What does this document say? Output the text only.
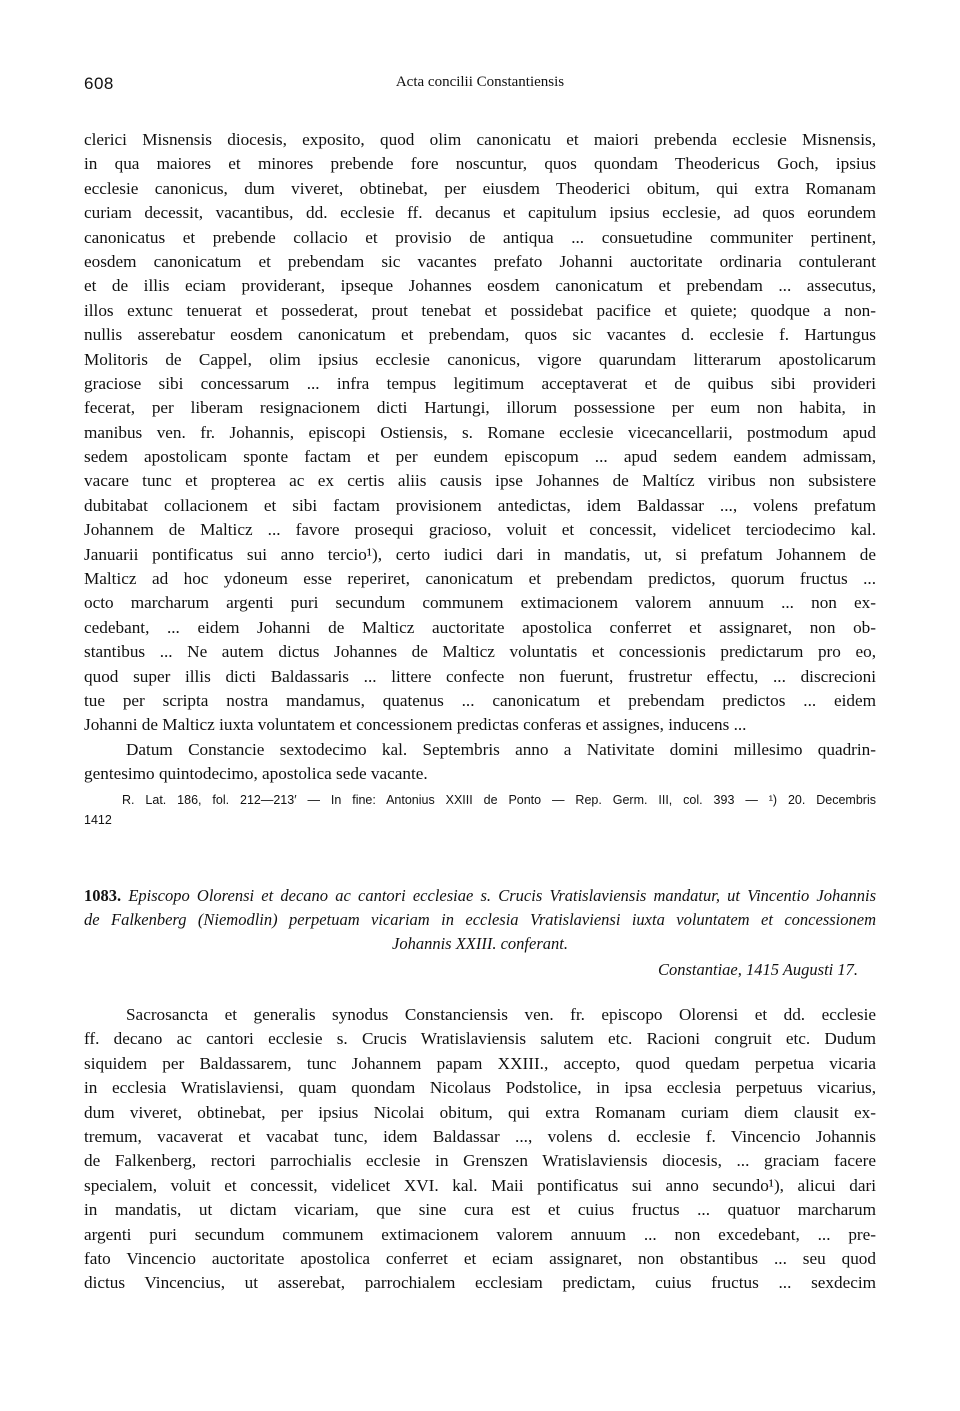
608	Acta concilii Constantiensis
clerici Misnensis diocesis, exposito, quod olim canonicatu et maiori prebenda ecclesie Misnensis,
in qua maiores et minores prebende fore noscuntur, quos quondam Theodericus Goch, ipsius
ecclesie canonicus, dum viveret, obtinebat, per eiusdem Theoderici obitum, qui extra Romanam
curiam decessit, vacantibus, dd. ecclesie ff. decanus et capitulum ipsius ecclesie, ad quos eorundem
canonicatus et prebende collacio et provisio de antiqua ... consuetudine communiter pertinent,
eosdem canonicatum et prebendam sic vacantes prefato Johanni auctoritate ordinaria contulerant
et de illis eciam providerant, ipseque Johannes eosdem canonicatum et prebendam ... assecutus,
illos extunc tenuerat et possederat, prout tenebat et possidebat pacifice et quiete; quodque a non-
nullis asserebatur eosdem canonicatum et prebendam, quos sic vacantes d. ecclesie f. Hartungus
Molitoris de Cappel, olim ipsius ecclesie canonicus, vigore quarundam litterarum apostolicarum
graciose sibi concessarum ... infra tempus legitimum acceptaverat et de quibus sibi provideri
fecerat, per liberam resignacionem dicti Hartungi, illorum possessione per eum non habita, in
manibus ven. fr. Johannis, episcopi Ostiensis, s. Romane ecclesie vicecancellarii, postmodum apud
sedem apostolicam sponte factam et per eundem episcopum ... apud sedem eandem admissam,
vacare tunc et propterea ac ex certis aliis causis ipse Johannes de Maltícz viribus non subsistere
dubitabat collacionem et sibi factam provisionem antedictas, idem Baldassar ..., volens prefatum
Johannem de Malticz ... favore prosequi gracioso, voluit et concessit, videlicet terciodecimo kal.
Januarii pontificatus sui anno tercio¹), certo iudici dari in mandatis, ut, si prefatum Johannem de
Malticz ad hoc ydoneum esse reperiret, canonicatum et prebendam predictos, quorum fructus ...
octo marcharum argenti puri secundum communem extimacionem valorem annuum ... non ex-
cedebant, ... eidem Johanni de Malticz auctoritate apostolica conferret et assignaret, non ob-
stantibus ... Ne autem dictus Johannes de Malticz voluntatis et concessionis predictarum pro eo,
quod super illis dicti Baldassaris ... littere confecte non fuerunt, frustretur effectu, ... discrecioni
tue per scripta nostra mandamus, quatenus ... canonicatum et prebendam predictos ... eidem
Johanni de Malticz iuxta voluntatem et concessionem predictas conferas et assignes, inducens ...
Datum Constancie sextodecimo kal. Septembris anno a Nativitate domini millesimo quadrin-
gentesimo quintodecimo, apostolica sede vacante.
R. Lat. 186, fol. 212—213′ — In fine: Antonius XXIII de Ponto — Rep. Germ. III, col. 393 — ¹) 20. Decembris
1412
1083. Episcopo Olorensi et decano ac cantori ecclesiae s. Crucis Vratislaviensis mandatur, ut Vincentio Johannis
de Falkenberg (Niemodlin) perpetuam vicariam in ecclesia Vratislaviensi iuxta voluntatem et concessionem
Johannis XXIII. conferant.
Constantiae, 1415 Augusti 17.
Sacrosancta et generalis synodus Constanciensis ven. fr. episcopo Olorensi et dd. ecclesie
ff. decano ac cantori ecclesie s. Crucis Wratislaviensis salutem etc. Racioni congruit etc. Dudum
siquidem per Baldassarem, tunc Johannem papam XXIII., accepto, quod quedam perpetua vicaria
in ecclesia Wratislaviensi, quam quondam Nicolaus Podstolice, in ipsa ecclesia perpetuus vicarius,
dum viveret, obtinebat, per ipsius Nicolai obitum, qui extra Romanam curiam diem clausit ex-
tremum, vacaverat et vacabat tunc, idem Baldassar ..., volens d. ecclesie f. Vincencio Johannis
de Falkenberg, rectori parrochialis ecclesie in Grenszen Wratislaviensis diocesis, ... graciam facere
specialem, voluit et concessit, videlicet XVI. kal. Maii pontificatus sui anno secundo¹), alicui dari
in mandatis, ut dictam vicariam, que sine cura est et cuius fructus ... quatuor marcharum
argenti puri secundum communem extimacionem valorem annuum ... non excedebant, ... pre-
fato Vincencio auctoritate apostolica conferret et eciam assignaret, non obstantibus ... seu quod
dictus Vincencius, ut asserebat, parrochialem ecclesiam predictam, cuius fructus ... sexdecim
